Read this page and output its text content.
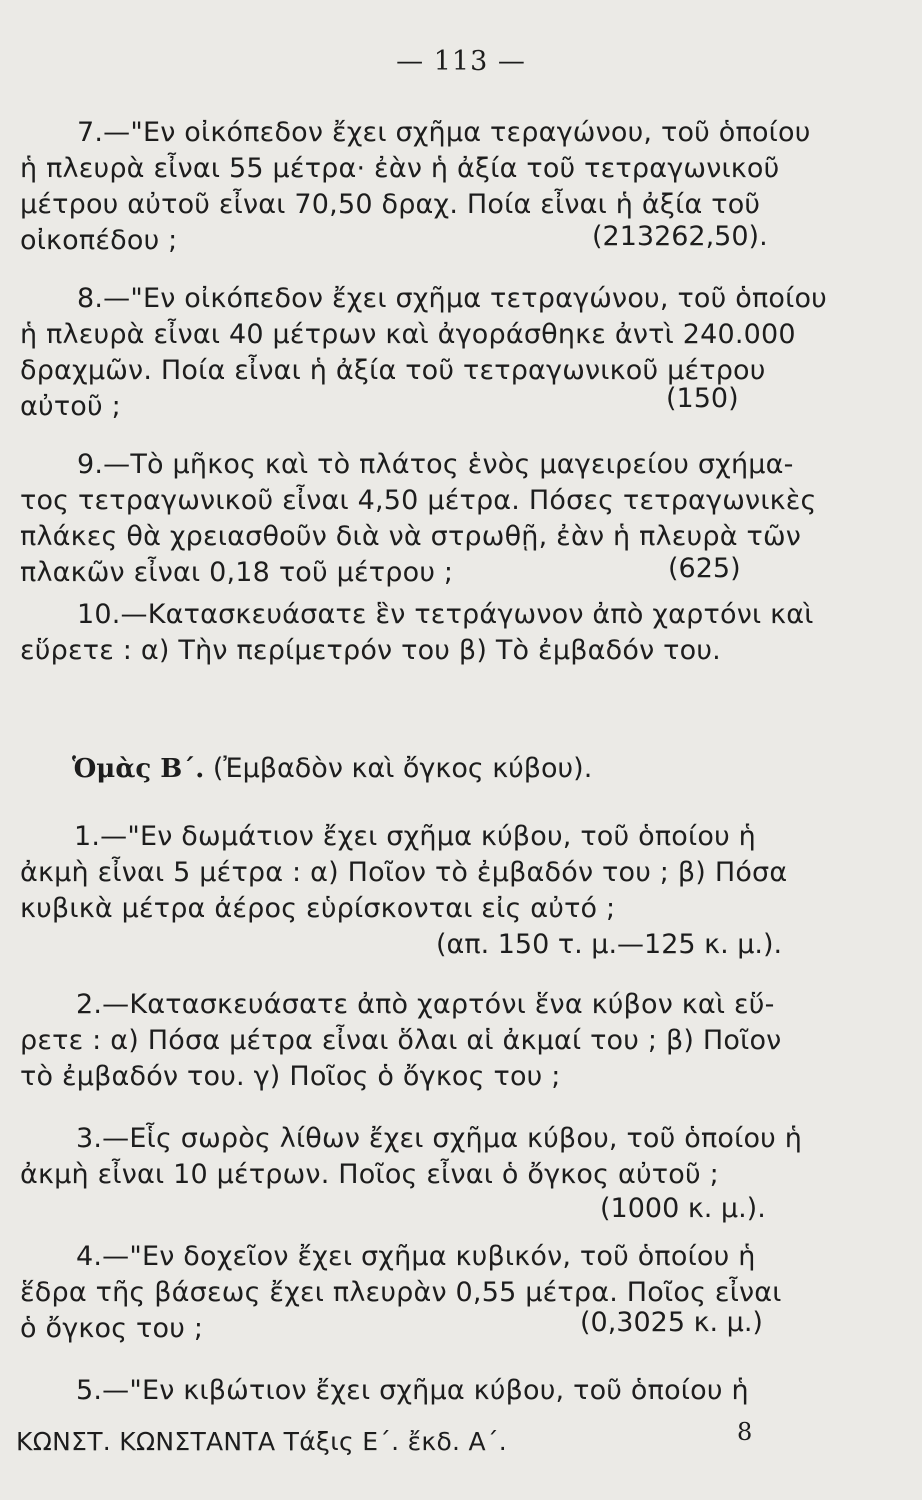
— 113 —
7.—"Εν οἰκόπεδον ἔχει σχῆμα τεραγώνου, τοῦ ὁποίου
ἡ πλευρὰ εἶναι 55 μέτρα· ἐὰν ἡ ἀξία τοῦ τετραγωνικοῦ
μέτρου αὐτοῦ εἶναι 70,50 δραχ. Ποία εἶναι ἡ ἀξία τοῦ
οἰκοπέδου ;	(213262,50).
8.—"Εν οἰκόπεδον ἔχει σχῆμα τετραγώνου, τοῦ ὁποίου
ἡ πλευρὰ εἶναι 40 μέτρων καὶ ἀγοράσθηκε ἀντὶ 240.000
δραχμῶν. Ποία εἶναι ἡ ἀξία τοῦ τετραγωνικοῦ μέτρου
αὐτοῦ ;	(150)
9.—Τὸ μῆκος καὶ τὸ πλάτος ἑνὸς μαγειρείου σχήμα-
τος τετραγωνικοῦ εἶναι 4,50 μέτρα. Πόσες τετραγωνικὲς
πλάκες θὰ χρειασθοῦν διὰ νὰ στρωθῇ, ἐὰν ἡ πλευρὰ τῶν
πλακῶν εἶναι 0,18 τοῦ μέτρου ;	(625)
10.—Κατασκευάσατε ἓν τετράγωνον ἀπὸ χαρτόνι καὶ
εὕρετε : α) Τὴν περίμετρόν του β) Τὸ ἐμβαδόν του.
Ὁμὰς Β΄. (Ἐμβαδὸν καὶ ὄγκος κύβου).
1.—"Εν δωμάτιον ἔχει σχῆμα κύβου, τοῦ ὁποίου ἡ
ἀκμὴ εἶναι 5 μέτρα : α) Ποῖον τὸ ἐμβαδόν του ; β) Πόσα
κυβικὰ μέτρα ἀέρος εὑρίσκονται εἰς αὐτό ;
(απ. 150 τ. μ.—125 κ. μ.).
2.—Κατασκευάσατε ἀπὸ χαρτόνι ἕνα κύβον καὶ εὕ-
ρετε : α) Πόσα μέτρα εἶναι ὅλαι αἱ ἀκμαί του ; β) Ποῖον
τὸ ἐμβαδόν του. γ) Ποῖος ὁ ὄγκος του ;
3.—Εἷς σωρὸς λίθων ἔχει σχῆμα κύβου, τοῦ ὁποίου ἡ
ἀκμὴ εἶναι 10 μέτρων. Ποῖος εἶναι ὁ ὄγκος αὐτοῦ ;
(1000 κ. μ.).
4.—"Εν δοχεῖον ἔχει σχῆμα κυβικόν, τοῦ ὁποίου ἡ
ἕδρα τῆς βάσεως ἔχει πλευρὰν 0,55 μέτρα. Ποῖος εἶναι
ὁ ὄγκος του ;	(0,3025 κ. μ.)
5.—"Εν κιβώτιον ἔχει σχῆμα κύβου, τοῦ ὁποίου ἡ
ΚΩΝΣΤ. ΚΩΝΣΤΑΝΤΑ Τάξις Ε΄. ἔκδ. Α΄.	8
